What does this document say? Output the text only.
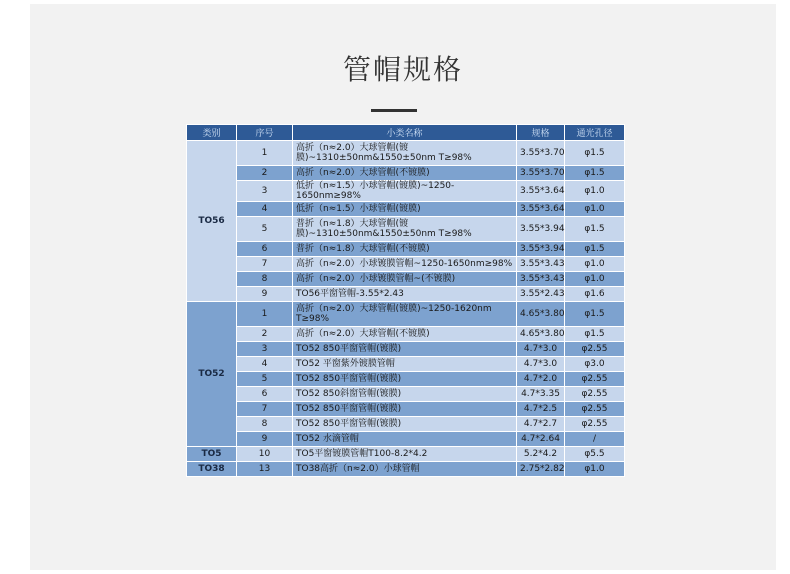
管帽规格
类别	序号	小类名称	规格	通光孔径
TO56	1	高折（n≈2.0）大球管帽(镀膜)~1310±50nm&1550±50nm T≥98%	3.55*3.70	φ1.5
	2	高折（n≈2.0）大球管帽(不镀膜)	3.55*3.70	φ1.5
	3	低折（n≈1.5）小球管帽(镀膜)~1250-1650nm≥98%	3.55*3.64	φ1.0
	4	低折（n≈1.5）小球管帽(镀膜)	3.55*3.64	φ1.0
	5	普折（n≈1.8）大球管帽(镀膜)~1310±50nm&1550±50nm T≥98%	3.55*3.94	φ1.5
	6	普折（n≈1.8）大球管帽(不镀膜)	3.55*3.94	φ1.5
	7	高折（n≈2.0）小球镀膜管帽~1250-1650nm≥98%	3.55*3.43	φ1.0
	8	高折（n≈2.0）小球镀膜管帽~(不镀膜)	3.55*3.43	φ1.0
	9	TO56平窗管帽-3.55*2.43	3.55*2.43	φ1.6
TO52	1	高折（n≈2.0）大球管帽(镀膜)~1250-1620nm T≥98%	4.65*3.80	φ1.5
	2	高折（n≈2.0）大球管帽(不镀膜)	4.65*3.80	φ1.5
	3	TO52 850平窗管帽(镀膜)	4.7*3.0	φ2.55
	4	TO52 平窗紫外镀膜管帽	4.7*3.0	φ3.0
	5	TO52 850平窗管帽(镀膜)	4.7*2.0	φ2.55
	6	TO52 850斜窗管帽(镀膜)	4.7*3.35	φ2.55
	7	TO52 850平窗管帽(镀膜)	4.7*2.5	φ2.55
	8	TO52 850平窗管帽(镀膜)	4.7*2.7	φ2.55
	9	TO52 水滴管帽	4.7*2.64	/
TO5	10	TO5平窗镀膜管帽T100-8.2*4.2	5.2*4.2	φ5.5
TO38	13	TO38高折（n≈2.0）小球管帽	2.75*2.82	φ1.0
